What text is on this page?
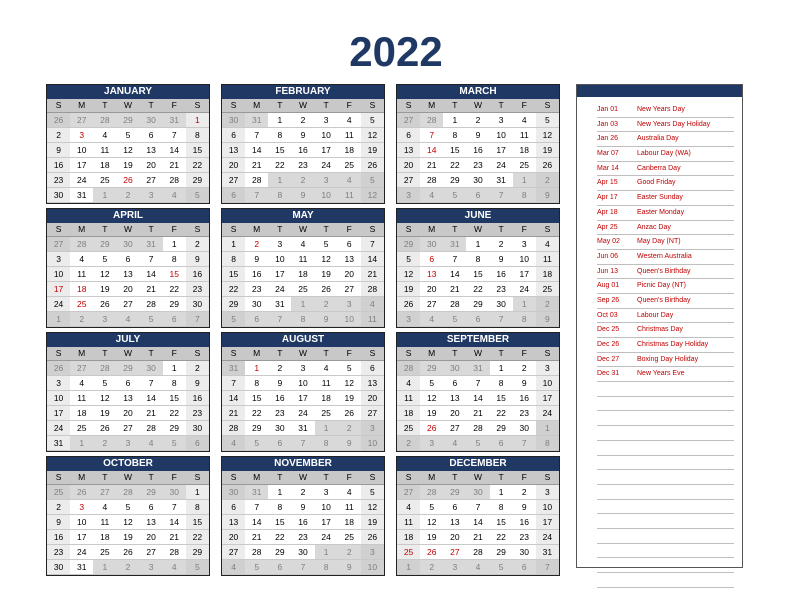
2022
JANUARY
S	M	T	W	T	F	S
26	27	28	29	30	31	1
2	3	4	5	6	7	8
9	10	11	12	13	14	15
16	17	18	19	20	21	22
23	24	25	26	27	28	29
30	31	1	2	3	4	5
FEBRUARY
S	M	T	W	T	F	S
30	31	1	2	3	4	5
6	7	8	9	10	11	12
13	14	15	16	17	18	19
20	21	22	23	24	25	26
27	28	1	2	3	4	5
6	7	8	9	10	11	12
MARCH
S	M	T	W	T	F	S
27	28	1	2	3	4	5
6	7	8	9	10	11	12
13	14	15	16	17	18	19
20	21	22	23	24	25	26
27	28	29	30	31	1	2
3	4	5	6	7	8	9
APRIL
S	M	T	W	T	F	S
27	28	29	30	31	1	2
3	4	5	6	7	8	9
10	11	12	13	14	15	16
17	18	19	20	21	22	23
24	25	26	27	28	29	30
1	2	3	4	5	6	7
MAY
S	M	T	W	T	F	S
1	2	3	4	5	6	7
8	9	10	11	12	13	14
15	16	17	18	19	20	21
22	23	24	25	26	27	28
29	30	31	1	2	3	4
5	6	7	8	9	10	11
JUNE
S	M	T	W	T	F	S
29	30	31	1	2	3	4
5	6	7	8	9	10	11
12	13	14	15	16	17	18
19	20	21	22	23	24	25
26	27	28	29	30	1	2
3	4	5	6	7	8	9
JULY
S	M	T	W	T	F	S
26	27	28	29	30	1	2
3	4	5	6	7	8	9
10	11	12	13	14	15	16
17	18	19	20	21	22	23
24	25	26	27	28	29	30
31	1	2	3	4	5	6
AUGUST
S	M	T	W	T	F	S
31	1	2	3	4	5	6
7	8	9	10	11	12	13
14	15	16	17	18	19	20
21	22	23	24	25	26	27
28	29	30	31	1	2	3
4	5	6	7	8	9	10
SEPTEMBER
S	M	T	W	T	F	S
28	29	30	31	1	2	3
4	5	6	7	8	9	10
11	12	13	14	15	16	17
18	19	20	21	22	23	24
25	26	27	28	29	30	1
2	3	4	5	6	7	8
OCTOBER
S	M	T	W	T	F	S
25	26	27	28	29	30	1
2	3	4	5	6	7	8
9	10	11	12	13	14	15
16	17	18	19	20	21	22
23	24	25	26	27	28	29
30	31	1	2	3	4	5
NOVEMBER
S	M	T	W	T	F	S
30	31	1	2	3	4	5
6	7	8	9	10	11	12
13	14	15	16	17	18	19
20	21	22	23	24	25	26
27	28	29	30	1	2	3
4	5	6	7	8	9	10
DECEMBER
S	M	T	W	T	F	S
27	28	29	30	1	2	3
4	5	6	7	8	9	10
11	12	13	14	15	16	17
18	19	20	21	22	23	24
25	26	27	28	29	30	31
1	2	3	4	5	6	7
Jan 01	New Years Day
Jan 03	New Years Day Holiday
Jan 26	Australia Day
Mar 07	Labour Day (WA)
Mar 14	Canberra Day
Apr 15	Good Friday
Apr 17	Easter Sunday
Apr 18	Easter Monday
Apr 25	Anzac Day
May 02	May Day (NT)
Jun 06	Western Australia
Jun 13	Queen's Birthday
Aug 01	Picnic Day (NT)
Sep 26	Queen's Birthday
Oct 03	Labour Day
Dec 25	Christmas Day
Dec 26	Christmas Day Holiday
Dec 27	Boxing Day Holiday
Dec 31	New Years Eve
